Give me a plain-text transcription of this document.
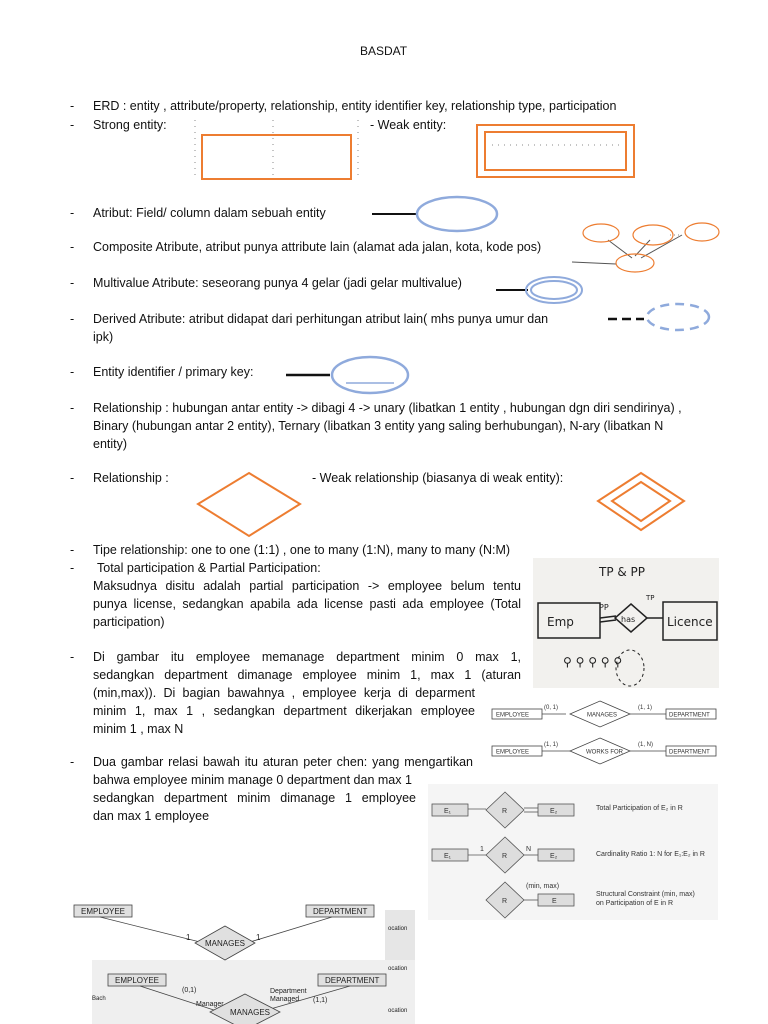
BASDAT
- ERD : entity , attribute/property, relationship, entity identifier key, relationship type, participation
- Strong entity:	- Weak entity:
- Atribut: Field/ column dalam sebuah entity
- Composite Atribute, atribut punya attribute lain (alamat ada jalan, kota, kode pos)
- Multivalue Atribute: seseorang punya 4 gelar (jadi gelar multivalue)
- Derived Atribute: atribut didapat dari perhitungan atribut lain( mhs punya umur dan
ipk)
- Entity identifier / primary key:
- Relationship : hubungan antar entity -> dibagi 4 -> unary (libatkan 1 entity , hubungan dgn diri sendirinya) ,
Binary (hubungan antar 2 entity), Ternary (libatkan 3 entity yang saling berhubungan), N-ary (libatkan N
entity)
- Relationship :	- Weak relationship (biasanya di weak entity):
- Tipe relationship: one to one (1:1) , one to many (1:N), many to many (N:M)
- Total participation & Partial Participation:
Maksudnya disitu adalah partial participation -> employee belum tentu
punya license, sedangkan apabila ada license pasti ada employee (Total
participation)
TP & PP
Emp
PP
has
TP
Licence
⚲ ⚲ ⚲ ⚲ ⚲
- Di gambar itu employee memanage department minim 0 max 1,
sedangkan department dimanage employee minim 1, max 1 (aturan
(min,max)). Di bagian bawahnya , employee kerja di deparment
minim 1, max 1 , sedangkan department dikerjakan employee
minim 1 , max N
EMPLOYEE
(0, 1)
MANAGES
(1, 1)
DEPARTMENT
EMPLOYEE
(1, 1)
WORKS FOR
(1, N)
DEPARTMENT
- Dua gambar relasi bawah itu aturan peter chen: yang mengartikan
bahwa employee minim manage 0 department dan max 1
sedangkan department minim dimanage 1 employee
dan max 1 employee	E₁	R	E₂	Total Participation of E₂ in R
E₁
1
R
N
E₂	Cardinality Ratio 1: N for E₁:E₂ in R
R
(min, max)
E
Structural Constraint (min, max)
on Participation of E in R
EMPLOYEE	DEPARTMENT
1	1
MANAGES
ocation
ocation
EMPLOYEE	DEPARTMENT
Bach
(0,1)
Manager
Department
Managed (1,1)
MANAGES	ocation
